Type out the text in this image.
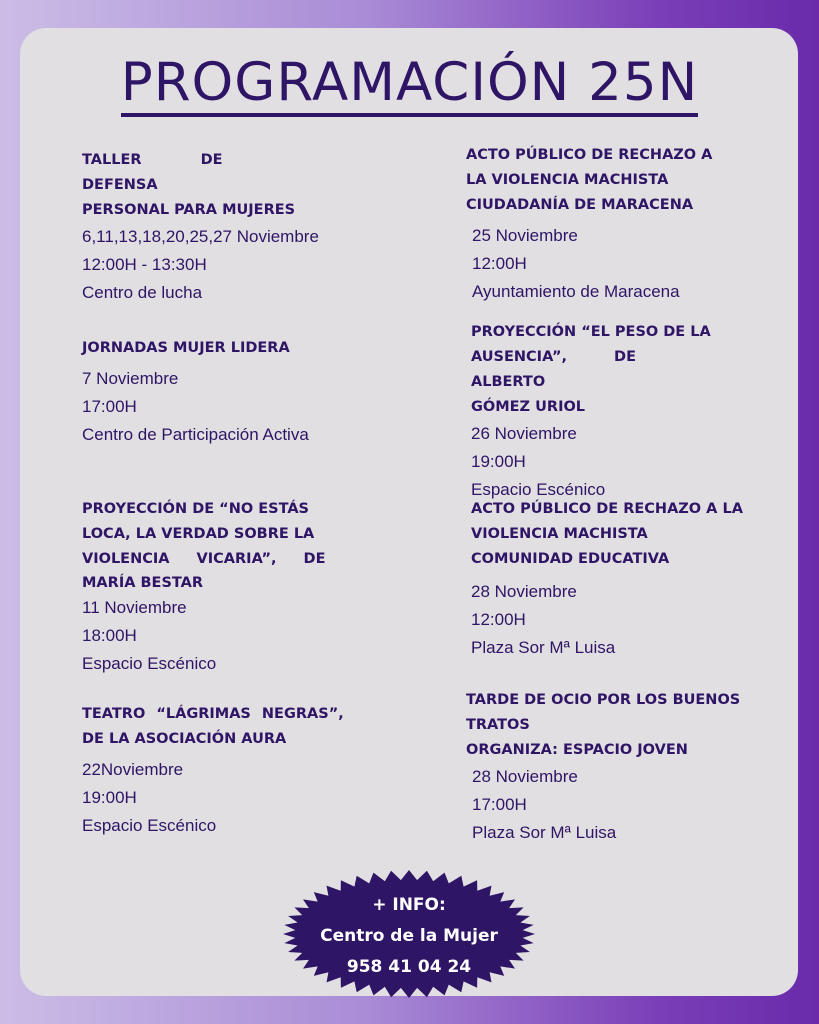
PROGRAMACIÓN 25N
TALLER DE DEFENSA
PERSONAL PARA MUJERES
6,11,13,18,20,25,27 Noviembre
12:00H - 13:30H
Centro de lucha
JORNADAS MUJER LIDERA
7 Noviembre
17:00H
Centro de Participación Activa
PROYECCIÓN DE “NO ESTÁS
LOCA, LA VERDAD SOBRE LA
VIOLENCIA VICARIA”, DE
MARÍA BESTAR
11 Noviembre
18:00H
Espacio Escénico
TEATRO “LÁGRIMAS NEGRAS”,
DE LA ASOCIACIÓN AURA
22Noviembre
19:00H
Espacio Escénico
ACTO PÚBLICO DE RECHAZO A
LA VIOLENCIA MACHISTA
CIUDADANÍA DE MARACENA
25 Noviembre
12:00H
Ayuntamiento de Maracena
PROYECCIÓN “EL PESO DE LA
AUSENCIA”, DE ALBERTO
GÓMEZ URIOL
26 Noviembre
19:00H
Espacio Escénico
ACTO PÚBLICO DE RECHAZO A LA
VIOLENCIA MACHISTA
COMUNIDAD EDUCATIVA
28 Noviembre
12:00H
Plaza Sor Mª Luisa
TARDE DE OCIO POR LOS BUENOS
TRATOS
ORGANIZA: ESPACIO JOVEN
28 Noviembre
17:00H
Plaza Sor Mª Luisa
+ INFO:
Centro de la Mujer
958 41 04 24
